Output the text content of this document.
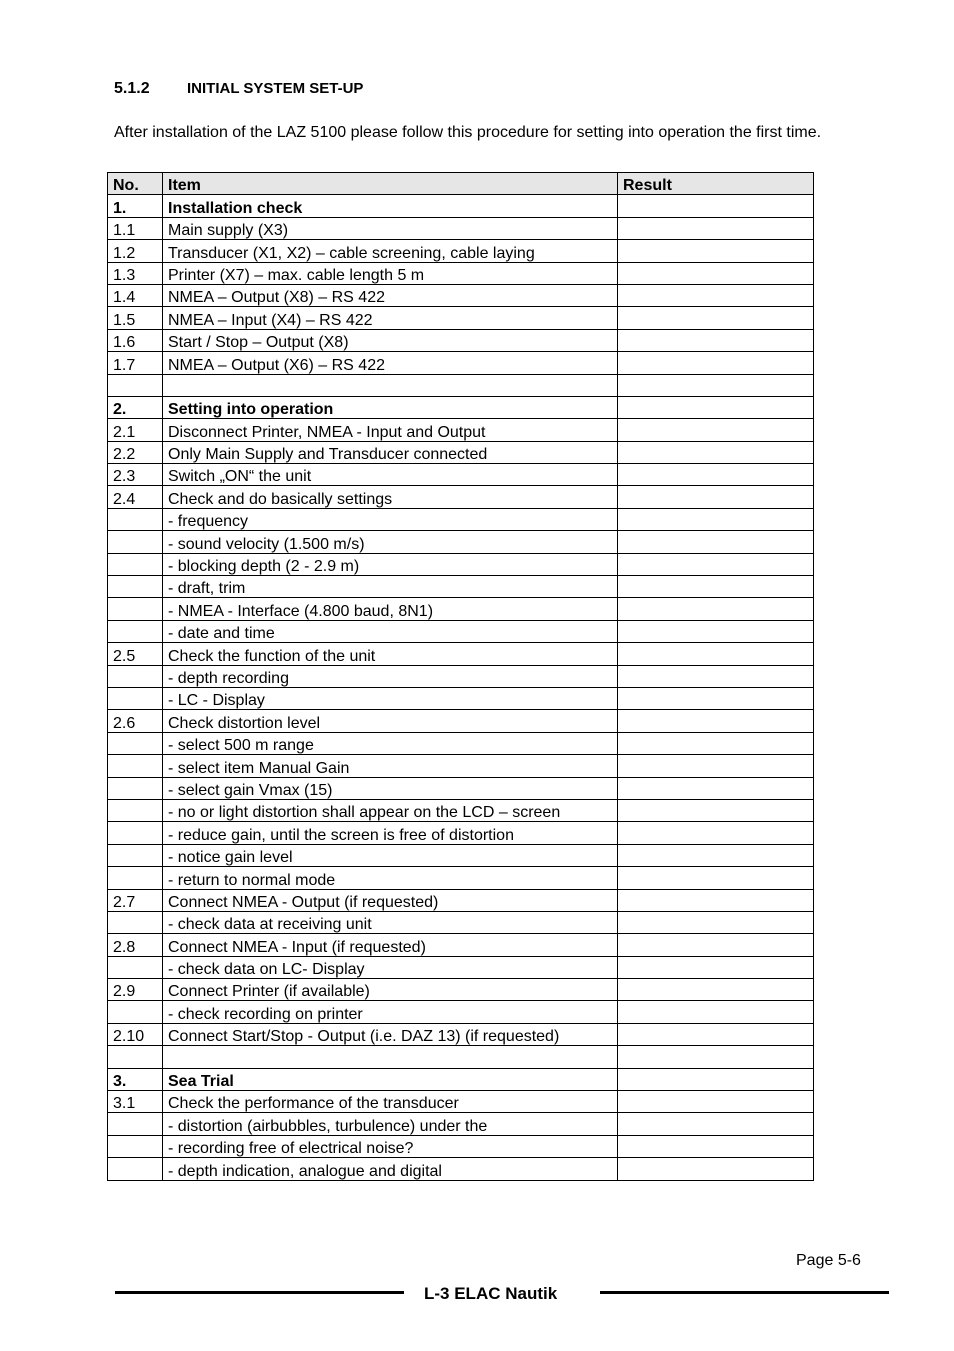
5.1.2	INITIAL SYSTEM SET-UP
After installation of the LAZ 5100 please follow this procedure for setting into operation the first time.
No.	Item	Result
1.	Installation check	
1.1	Main supply (X3)	
1.2	Transducer (X1, X2) – cable screening, cable laying	
1.3	Printer (X7) – max. cable length 5 m	
1.4	NMEA – Output (X8) – RS 422	
1.5	NMEA – Input (X4) – RS 422	
1.6	Start / Stop – Output (X8)	
1.7	NMEA – Output (X6) – RS 422	

2.	Setting into operation	
2.1	Disconnect Printer, NMEA - Input and Output	
2.2	Only Main Supply and Transducer connected	
2.3	Switch „ON“ the unit	
2.4	Check and do basically settings	
	- frequency	
	- sound velocity (1.500 m/s)	
	- blocking depth (2 - 2.9 m)	
	- draft, trim	
	- NMEA - Interface (4.800 baud, 8N1)	
	- date and time	
2.5	Check the function of the unit	
	- depth recording	
	- LC - Display	
2.6	Check distortion level	
	- select 500 m range	
	- select item Manual Gain	
	- select gain Vmax (15)	
	- no or light distortion shall appear on the LCD – screen	
	- reduce gain, until the screen is free of distortion	
	- notice gain level	
	- return to normal mode	
2.7	Connect NMEA - Output (if requested)	
	- check data at receiving unit	
2.8	Connect NMEA - Input (if requested)	
	- check data on LC- Display	
2.9	Connect Printer (if available)	
	- check recording on printer	
2.10	Connect Start/Stop - Output (i.e. DAZ 13) (if requested)	

3.	Sea Trial	
3.1	Check the performance of the transducer	
	- distortion (airbubbles, turbulence) under the	
	- recording free of electrical noise?	
	- depth indication, analogue and digital	
Page 5-6
L-3 ELAC Nautik
